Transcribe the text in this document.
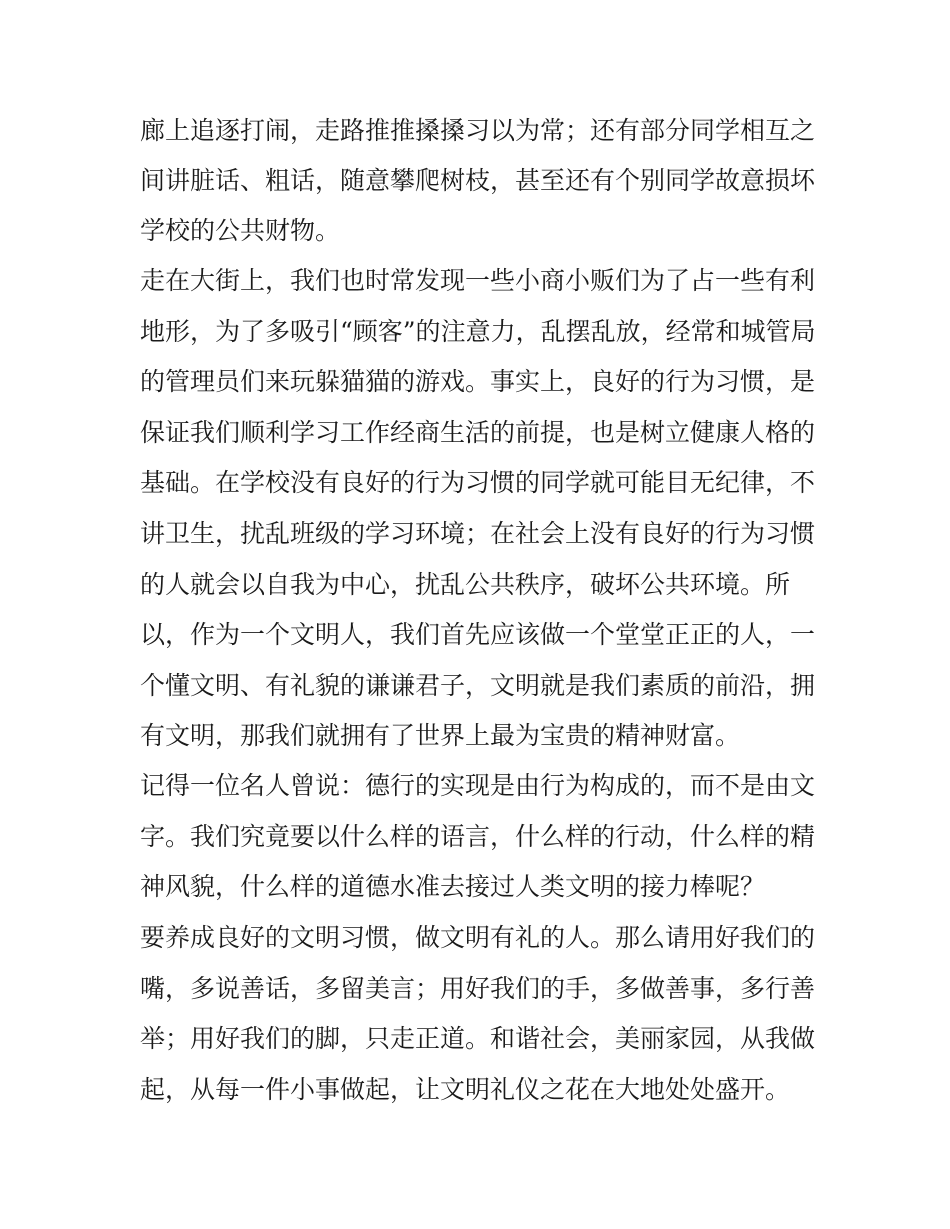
廊上追逐打闹，走路推推搡搡习以为常；还有部分同学相互之
间讲脏话、粗话，随意攀爬树枝，甚至还有个别同学故意损坏
学校的公共财物。
走在大街上，我们也时常发现一些小商小贩们为了占一些有利
地形，为了多吸引“顾客”的注意力，乱摆乱放，经常和城管局
的管理员们来玩躲猫猫的游戏。事实上，良好的行为习惯，是
保证我们顺利学习工作经商生活的前提，也是树立健康人格的
基础。在学校没有良好的行为习惯的同学就可能目无纪律，不
讲卫生，扰乱班级的学习环境；在社会上没有良好的行为习惯
的人就会以自我为中心，扰乱公共秩序，破坏公共环境。所
以，作为一个文明人，我们首先应该做一个堂堂正正的人，一
个懂文明、有礼貌的谦谦君子，文明就是我们素质的前沿，拥
有文明，那我们就拥有了世界上最为宝贵的精神财富。
记得一位名人曾说：德行的实现是由行为构成的，而不是由文
字。我们究竟要以什么样的语言，什么样的行动，什么样的精
神风貌，什么样的道德水准去接过人类文明的接力棒呢？
要养成良好的文明习惯，做文明有礼的人。那么请用好我们的
嘴，多说善话，多留美言；用好我们的手，多做善事，多行善
举；用好我们的脚，只走正道。和谐社会，美丽家园，从我做
起，从每一件小事做起，让文明礼仪之花在大地处处盛开。
